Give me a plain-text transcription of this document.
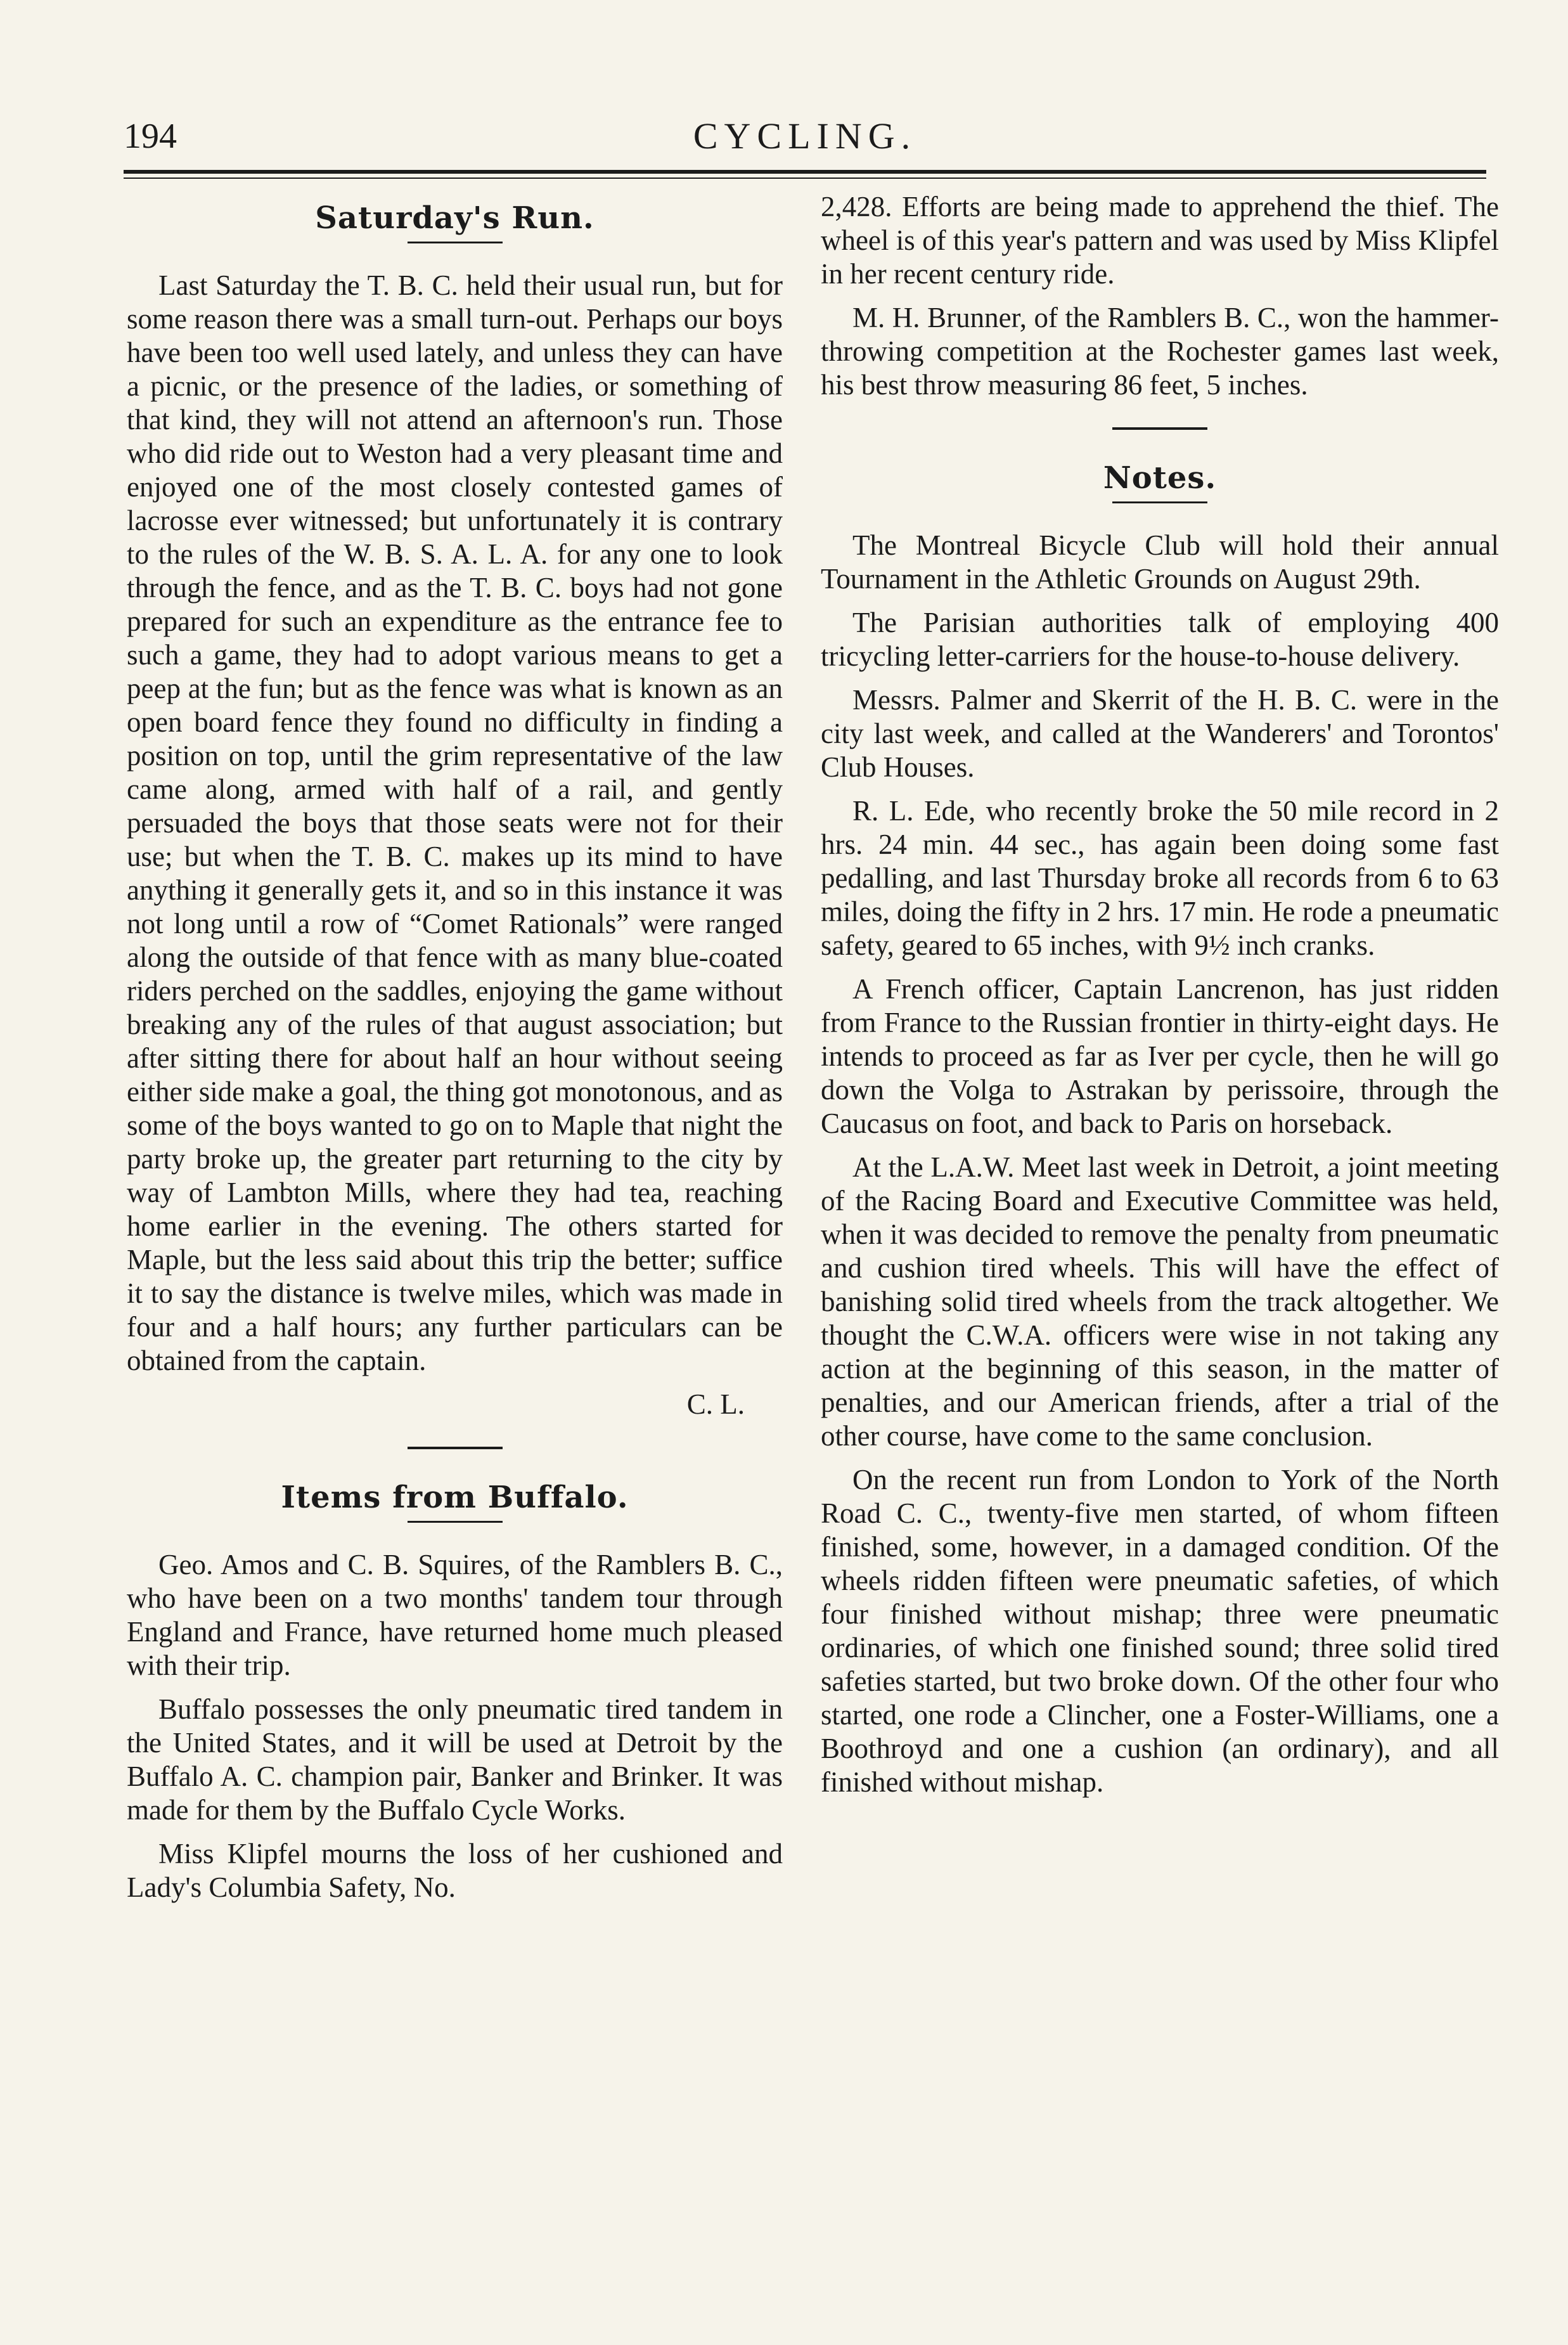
194	CYCLING.
Saturday's Run.

Last Saturday the T. B. C. held their usual run, but for some reason there was a small turn-out. Perhaps our boys have been too well used lately, and unless they can have a picnic, or the presence of the ladies, or something of that kind, they will not attend an afternoon's run. Those who did ride out to Weston had a very pleasant time and enjoyed one of the most closely contested games of lacrosse ever witnessed; but unfortunately it is contrary to the rules of the W. B. S. A. L. A. for any one to look through the fence, and as the T. B. C. boys had not gone prepared for such an expenditure as the entrance fee to such a game, they had to adopt various means to get a peep at the fun; but as the fence was what is known as an open board fence they found no difficulty in finding a position on top, until the grim representative of the law came along, armed with half of a rail, and gently persuaded the boys that those seats were not for their use; but when the T. B. C. makes up its mind to have anything it generally gets it, and so in this instance it was not long until a row of “Comet Rationals” were ranged along the outside of that fence with as many blue-coated riders perched on the saddles, enjoying the game without breaking any of the rules of that august association; but after sitting there for about half an hour without seeing either side make a goal, the thing got monotonous, and as some of the boys wanted to go on to Maple that night the party broke up, the greater part returning to the city by way of Lambton Mills, where they had tea, reaching home earlier in the evening. The others started for Maple, but the less said about this trip the better; suffice it to say the distance is twelve miles, which was made in four and a half hours; any further particulars can be obtained from the captain.

C. L.

Items from Buffalo.

Geo. Amos and C. B. Squires, of the Ramblers B. C., who have been on a two months' tandem tour through England and France, have returned home much pleased with their trip.

Buffalo possesses the only pneumatic tired tandem in the United States, and it will be used at Detroit by the Buffalo A. C. champion pair, Banker and Brinker. It was made for them by the Buffalo Cycle Works.

Miss Klipfel mourns the loss of her cushioned and Lady's Columbia Safety, No.

2,428. Efforts are being made to apprehend the thief. The wheel is of this year's pattern and was used by Miss Klipfel in her recent century ride.

M. H. Brunner, of the Ramblers B. C., won the hammer-throwing competition at the Rochester games last week, his best throw measuring 86 feet, 5 inches.

Notes.

The Montreal Bicycle Club will hold their annual Tournament in the Athletic Grounds on August 29th.

The Parisian authorities talk of employing 400 tricycling letter-carriers for the house-to-house delivery.

Messrs. Palmer and Skerrit of the H. B. C. were in the city last week, and called at the Wanderers' and Torontos' Club Houses.

R. L. Ede, who recently broke the 50 mile record in 2 hrs. 24 min. 44 sec., has again been doing some fast pedalling, and last Thursday broke all records from 6 to 63 miles, doing the fifty in 2 hrs. 17 min. He rode a pneumatic safety, geared to 65 inches, with 9½ inch cranks.

A French officer, Captain Lancrenon, has just ridden from France to the Russian frontier in thirty-eight days. He intends to proceed as far as Iver per cycle, then he will go down the Volga to Astrakan by perissoire, through the Caucasus on foot, and back to Paris on horseback.

At the L.A.W. Meet last week in Detroit, a joint meeting of the Racing Board and Executive Committee was held, when it was decided to remove the penalty from pneumatic and cushion tired wheels. This will have the effect of banishing solid tired wheels from the track altogether. We thought the C.W.A. officers were wise in not taking any action at the beginning of this season, in the matter of penalties, and our American friends, after a trial of the other course, have come to the same conclusion.

On the recent run from London to York of the North Road C. C., twenty-five men started, of whom fifteen finished, some, however, in a damaged condition. Of the wheels ridden fifteen were pneumatic safeties, of which four finished without mishap; three were pneumatic ordinaries, of which one finished sound; three solid tired safeties started, but two broke down. Of the other four who started, one rode a Clincher, one a Foster-Williams, one a Boothroyd and one a cushion (an ordinary), and all finished without mishap.
